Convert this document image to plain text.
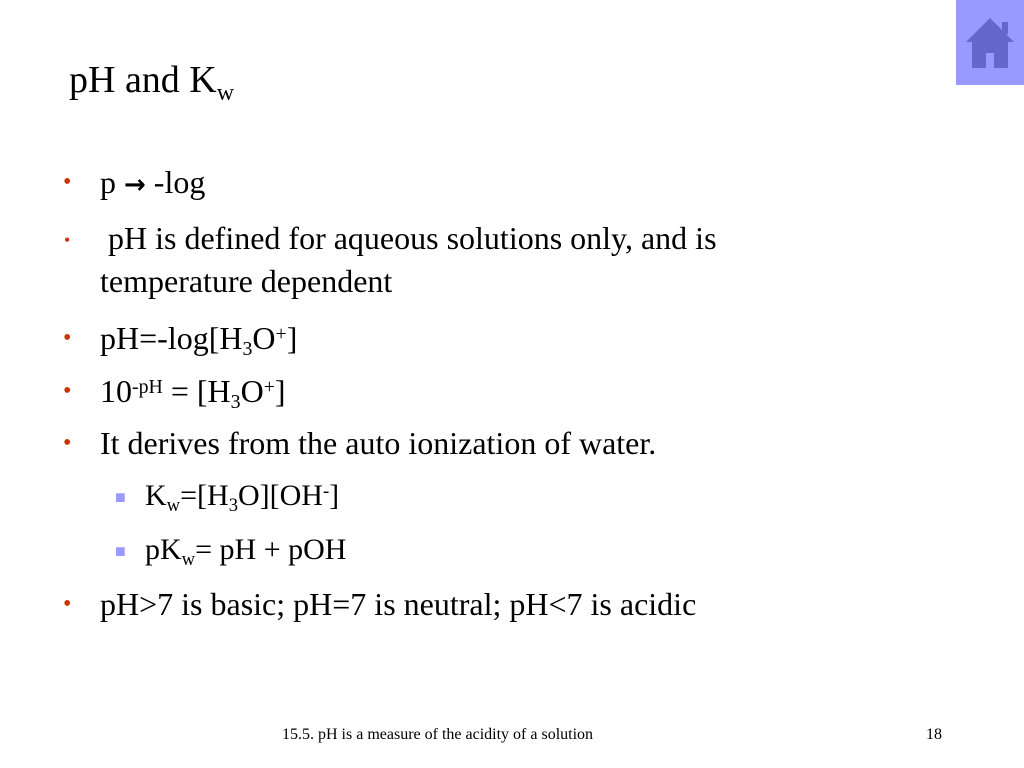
pH and $K_w$
• p → -log
• pH is defined for aqueous solutions only, and is
temperature dependent
• $pH=-\log[H_3O^+]$
• $10^{-pH} = [H_3O^+]$
• It derives from the auto ionization of water.
■ $K_w=[H_3O][OH^-]$
■ $pK_w=$ pH + pOH
• pH>7 is basic; pH=7 is neutral; pH<7 is acidic
15.5. pH is a measure of the acidity of a solution	18
